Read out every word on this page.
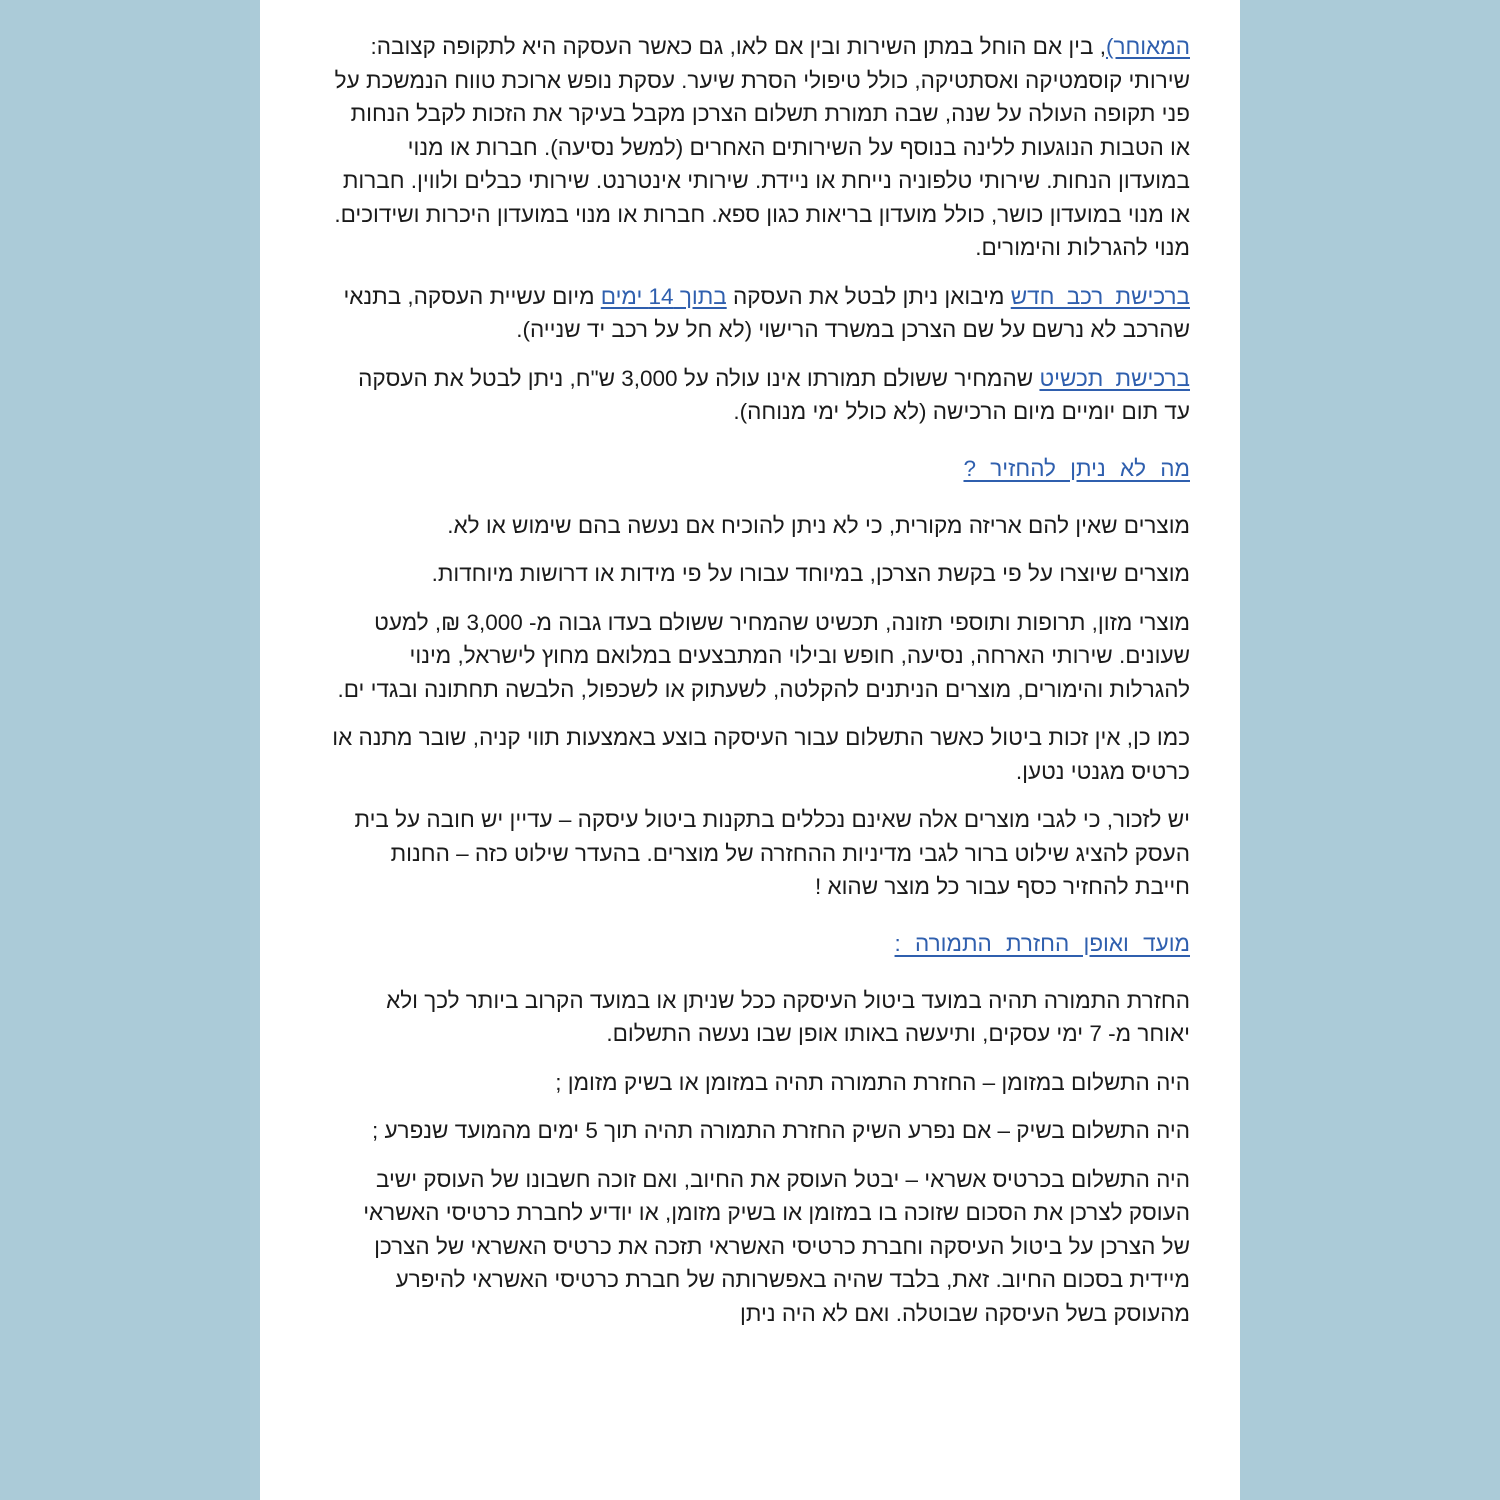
המאוחר), בין אם הוחל במתן השירות ובין אם לאו, גם כאשר העסקה היא לתקופה קצובה: שירותי קוסמטיקה ואסתטיקה, כולל טיפולי הסרת שיער. עסקת נופש ארוכת טווח הנמשכת על פני תקופה העולה על שנה, שבה תמורת תשלום הצרכן מקבל בעיקר את הזכות לקבל הנחות או הטבות הנוגעות ללינה בנוסף על השירותים האחרים (למשל נסיעה). חברות או מנוי במועדון הנחות. שירותי טלפוניה נייחת או ניידת. שירותי אינטרנט. שירותי כבלים ולווין. חברות או מנוי במועדון כושר, כולל מועדון בריאות כגון ספא. חברות או מנוי במועדון היכרות ושידוכים. מנוי להגרלות והימורים.

ברכישת רכב חדש מיבואן ניתן לבטל את העסקה בתוך 14 ימים מיום עשיית העסקה, בתנאי שהרכב לא נרשם על שם הצרכן במשרד הרישוי (לא חל על רכב יד שנייה).

ברכישת תכשיט שהמחיר ששולם תמורתו אינו עולה על 3,000 ש"ח, ניתן לבטל את העסקה עד תום יומיים מיום הרכישה (לא כולל ימי מנוחה).

מה לא ניתן להחזיר ?

מוצרים שאין להם אריזה מקורית, כי לא ניתן להוכיח אם נעשה בהם שימוש או לא.

מוצרים שיוצרו על פי בקשת הצרכן, במיוחד עבורו על פי מידות או דרושות מיוחדות.

מוצרי מזון, תרופות ותוספי תזונה, תכשיט שהמחיר ששולם בעדו גבוה מ- 3,000 ₪, למעט שעונים. שירותי הארחה, נסיעה, חופש ובילוי המתבצעים במלואם מחוץ לישראל, מינוי להגרלות והימורים, מוצרים הניתנים להקלטה, לשעתוק או לשכפול, הלבשה תחתונה ובגדי ים.

כמו כן, אין זכות ביטול כאשר התשלום עבור העיסקה בוצע באמצעות תווי קניה, שובר מתנה או כרטיס מגנטי נטען.

יש לזכור, כי לגבי מוצרים אלה שאינם נכללים בתקנות ביטול עיסקה – עדיין יש חובה על בית העסק להציג שילוט ברור לגבי מדיניות ההחזרה של מוצרים. בהעדר שילוט כזה – החנות חייבת להחזיר כסף עבור כל מוצר שהוא !

מועד ואופן החזרת התמורה :

החזרת התמורה תהיה במועד ביטול העיסקה ככל שניתן או במועד הקרוב ביותר לכך ולא יאוחר מ- 7 ימי עסקים, ותיעשה באותו אופן שבו נעשה התשלום.

היה התשלום במזומן – החזרת התמורה תהיה במזומן או בשיק מזומן ;

היה התשלום בשיק – אם נפרע השיק החזרת התמורה תהיה תוך 5 ימים מהמועד שנפרע ;

היה התשלום בכרטיס אשראי – יבטל העוסק את החיוב, ואם זוכה חשבונו של העוסק ישיב העוסק לצרכן את הסכום שזוכה בו במזומן או בשיק מזומן, או יודיע לחברת כרטיסי האשראי של הצרכן על ביטול העיסקה וחברת כרטיסי האשראי תזכה את כרטיס האשראי של הצרכן מיידית בסכום החיוב. זאת, בלבד שהיה באפשרותה של חברת כרטיסי האשראי להיפרע מהעוסק בשל העיסקה שבוטלה. ואם לא היה ניתן
